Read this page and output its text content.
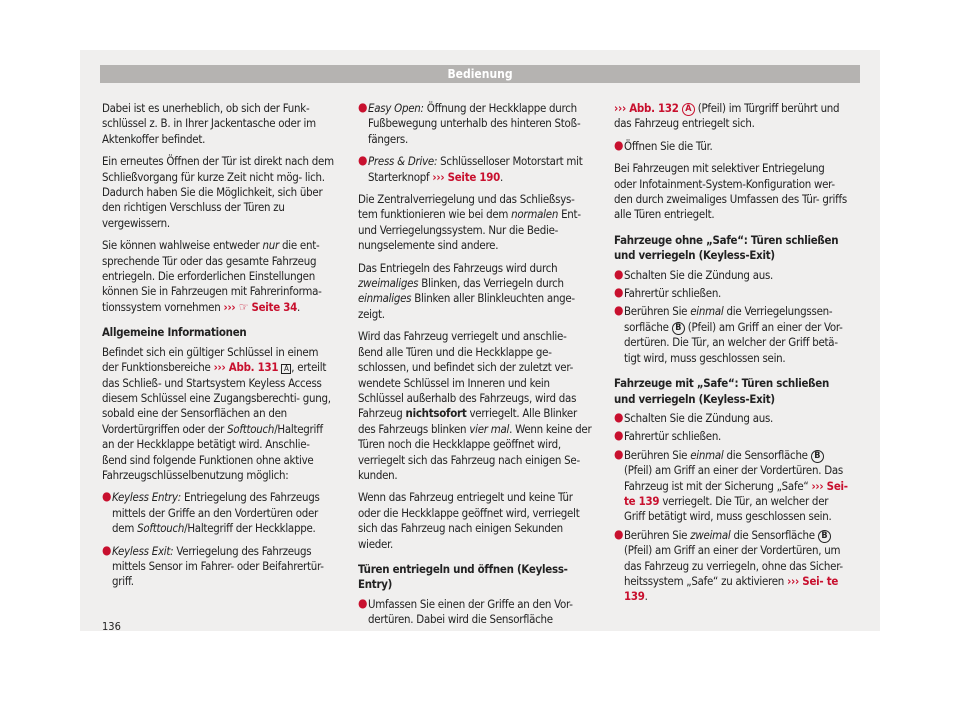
Bedienung

Dabei ist es unerheblich, ob sich der Funk- schlüssel z. B. in Ihrer Jackentasche oder im Aktenkoffer befindet.

Ein erneutes Öffnen der Tür ist direkt nach dem Schließvorgang für kurze Zeit nicht mög- lich. Dadurch haben Sie die Möglichkeit, sich über den richtigen Verschluss der Türen zu vergewissern.

Sie können wahlweise entweder nur die ent- sprechende Tür oder das gesamte Fahrzeug entriegeln. Die erforderlichen Einstellungen können Sie in Fahrzeugen mit Fahrerinforma- tionssystem vornehmen ››› ☞ Seite 34.

Allgemeine Informationen

Befindet sich ein gültiger Schlüssel in einem der Funktionsbereiche ››› Abb. 131 A , erteilt das Schließ- und Startsystem Keyless Access diesem Schlüssel eine Zugangsberechti- gung, sobald eine der Sensorflächen an den Vordertürgriffen oder der Softtouch/Haltegriff an der Heckklappe betätigt wird. Anschlie- ßend sind folgende Funktionen ohne aktive Fahrzeugschlüsselbenutzung möglich:

● Keyless Entry: Entriegelung des Fahrzeugs mittels der Griffe an den Vordertüren oder dem Softtouch/Haltegriff der Heckklappe.

● Keyless Exit: Verriegelung des Fahrzeugs mittels Sensor im Fahrer- oder Beifahrertür- griff.

● Easy Open: Öffnung der Heckklappe durch Fußbewegung unterhalb des hinteren Stoß- fängers.

● Press & Drive: Schlüsselloser Motorstart mit Starterknopf ››› Seite 190.

Die Zentralverriegelung und das Schließsys- tem funktionieren wie bei dem normalen Ent- und Verriegelungssystem. Nur die Bedie- nungselemente sind andere.

Das Entriegeln des Fahrzeugs wird durch zweimaliges Blinken, das Verriegeln durch einmaliges Blinken aller Blinkleuchten ange- zeigt.

Wird das Fahrzeug verriegelt und anschlie- ßend alle Türen und die Heckklappe ge- schlossen, und befindet sich der zuletzt ver- wendete Schlüssel im Inneren und kein Schlüssel außerhalb des Fahrzeugs, wird das Fahrzeug nichtsofort verriegelt. Alle Blinker des Fahrzeugs blinken vier mal. Wenn keine der Türen noch die Heckklappe geöffnet wird, verriegelt sich das Fahrzeug nach einigen Se- kunden.

Wenn das Fahrzeug entriegelt und keine Tür oder die Heckklappe geöffnet wird, verriegelt sich das Fahrzeug nach einigen Sekunden wieder.

Türen entriegeln und öffnen (Keyless-Entry)

● Umfassen Sie einen der Griffe an den Vor- dertüren. Dabei wird die Sensorfläche

››› Abb. 132 A (Pfeil) im Türgriff berührt und das Fahrzeug entriegelt sich.

● Öffnen Sie die Tür.

Bei Fahrzeugen mit selektiver Entriegelung oder Infotainment-System-Konfiguration wer- den durch zweimaliges Umfassen des Tür- griffs alle Türen entriegelt.

Fahrzeuge ohne „Safe“: Türen schließen und verriegeln (Keyless-Exit)

● Schalten Sie die Zündung aus.

● Fahrertür schließen.

● Berühren Sie einmal die Verriegelungssen- sorfläche B (Pfeil) am Griff an einer der Vor- dertüren. Die Tür, an welcher der Griff betä- tigt wird, muss geschlossen sein.

Fahrzeuge mit „Safe“: Türen schließen und verriegeln (Keyless-Exit)

● Schalten Sie die Zündung aus.

● Fahrertür schließen.

● Berühren Sie einmal die Sensorfläche B (Pfeil) am Griff an einer der Vordertüren. Das Fahrzeug ist mit der Sicherung „Safe“ ››› Sei- te 139 verriegelt. Die Tür, an welcher der Griff betätigt wird, muss geschlossen sein.

● Berühren Sie zweimal die Sensorfläche B (Pfeil) am Griff an einer der Vordertüren, um das Fahrzeug zu verriegeln, ohne das Sicher- heitssystem „Safe“ zu aktivieren ››› Sei- te 139.

136
